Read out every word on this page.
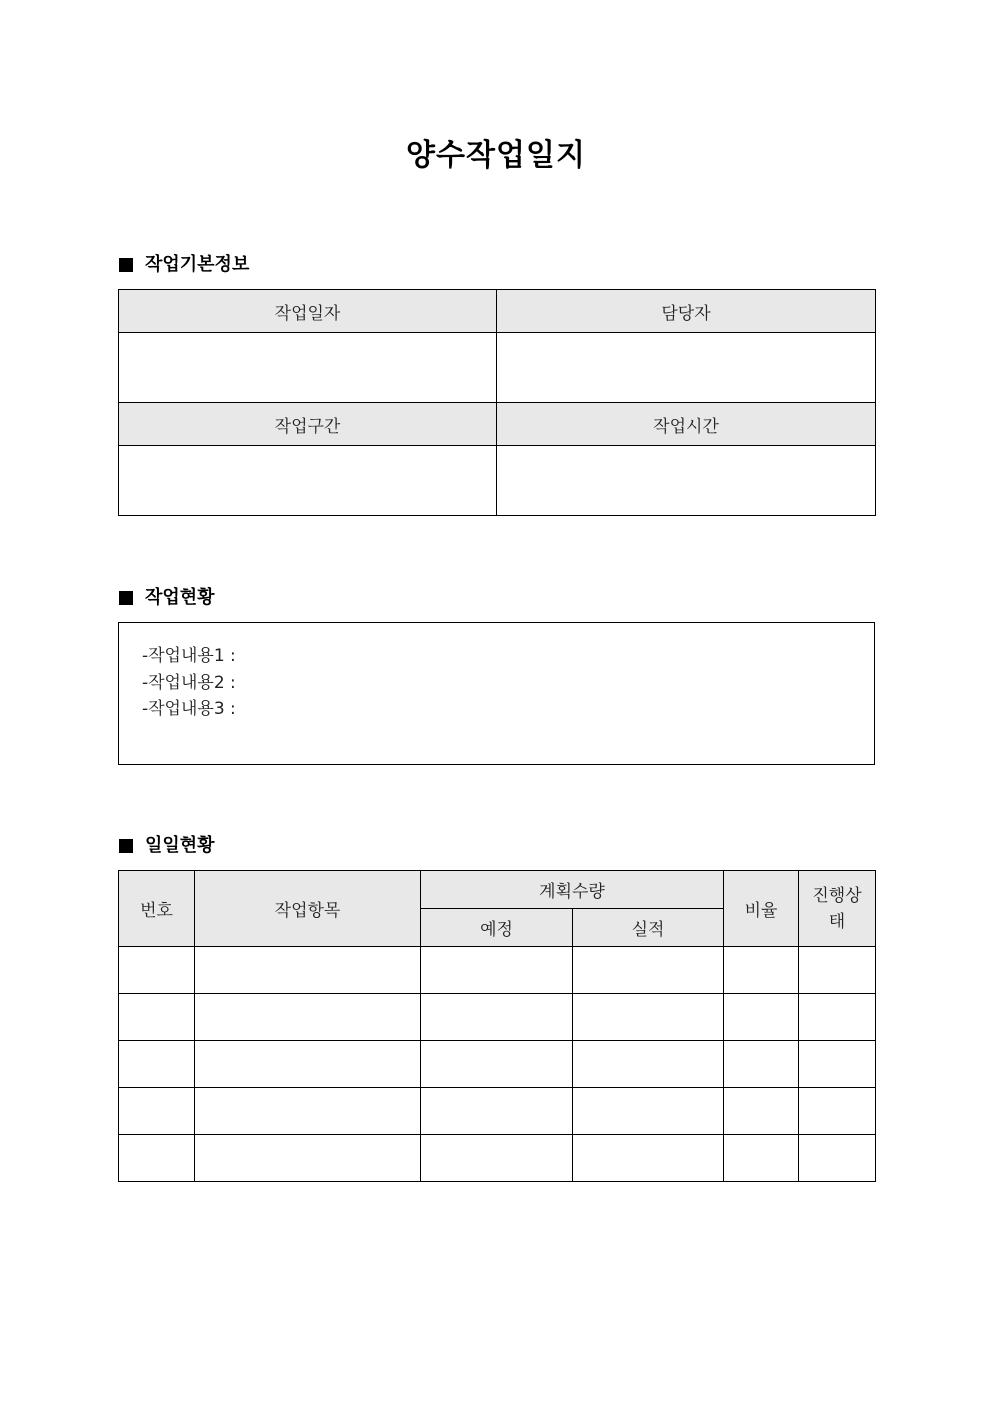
양수작업일지
작업기본정보
작업일자	담당자

작업구간	작업시간

작업현황
-작업내용1 :
-작업내용2 :
-작업내용3 :
일일현황
번호	작업항목	계획수량		비율	진행상태
		예정	실적		
